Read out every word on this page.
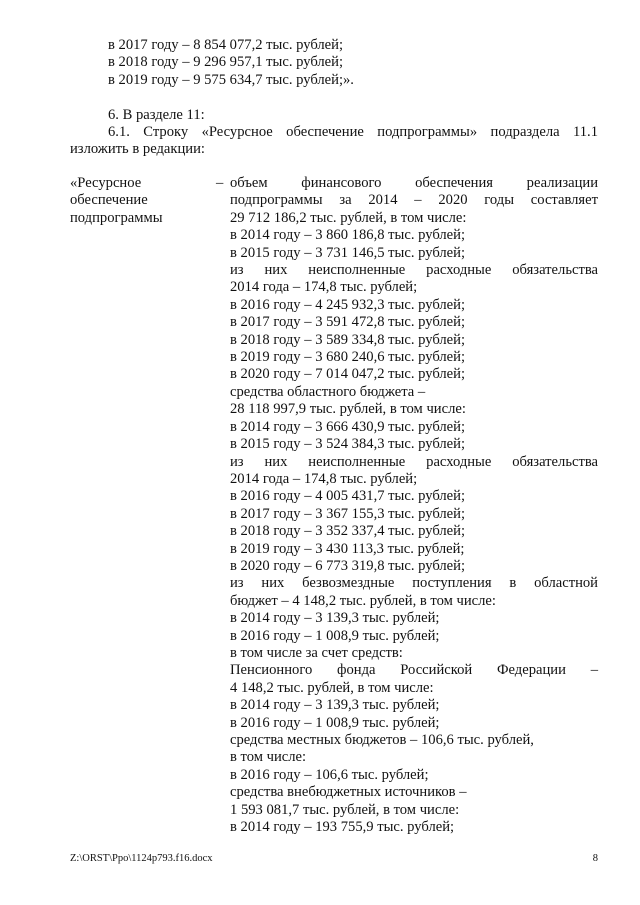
в 2017 году – 8 854 077,2 тыс. рублей;
в 2018 году – 9 296 957,1 тыс. рублей;
в 2019 году – 9 575 634,7 тыс. рублей;».
6. В разделе 11:
6.1. Строку «Ресурсное обеспечение подпрограммы» подраздела 11.1
изложить в редакции:
«Ресурсное
обеспечение
подпрограммы
– объем финансового обеспечения реализации
подпрограммы за 2014 – 2020 годы составляет
29 712 186,2 тыс. рублей, в том числе:
в 2014 году – 3 860 186,8 тыс. рублей;
в 2015 году – 3 731 146,5 тыс. рублей;
из них неисполненные расходные обязательства
2014 года – 174,8 тыс. рублей;
в 2016 году – 4 245 932,3 тыс. рублей;
в 2017 году – 3 591 472,8 тыс. рублей;
в 2018 году – 3 589 334,8 тыс. рублей;
в 2019 году – 3 680 240,6 тыс. рублей;
в 2020 году – 7 014 047,2 тыс. рублей;
средства областного бюджета –
28 118 997,9 тыс. рублей, в том числе:
в 2014 году – 3 666 430,9 тыс. рублей;
в 2015 году – 3 524 384,3 тыс. рублей;
из них неисполненные расходные обязательства
2014 года – 174,8 тыс. рублей;
в 2016 году – 4 005 431,7 тыс. рублей;
в 2017 году – 3 367 155,3 тыс. рублей;
в 2018 году – 3 352 337,4 тыс. рублей;
в 2019 году – 3 430 113,3 тыс. рублей;
в 2020 году – 6 773 319,8 тыс. рублей;
из них безвозмездные поступления в областной
бюджет – 4 148,2 тыс. рублей, в том числе:
в 2014 году – 3 139,3 тыс. рублей;
в 2016 году – 1 008,9 тыс. рублей;
в том числе за счет средств:
Пенсионного фонда Российской Федерации –
4 148,2 тыс. рублей, в том числе:
в 2014 году – 3 139,3 тыс. рублей;
в 2016 году – 1 008,9 тыс. рублей;
средства местных бюджетов – 106,6 тыс. рублей,
в том числе:
в 2016 году – 106,6 тыс. рублей;
средства внебюджетных источников –
1 593 081,7 тыс. рублей, в том числе:
в 2014 году – 193 755,9 тыс. рублей;
Z:\ORST\Ppo\1124p793.f16.docx	8
